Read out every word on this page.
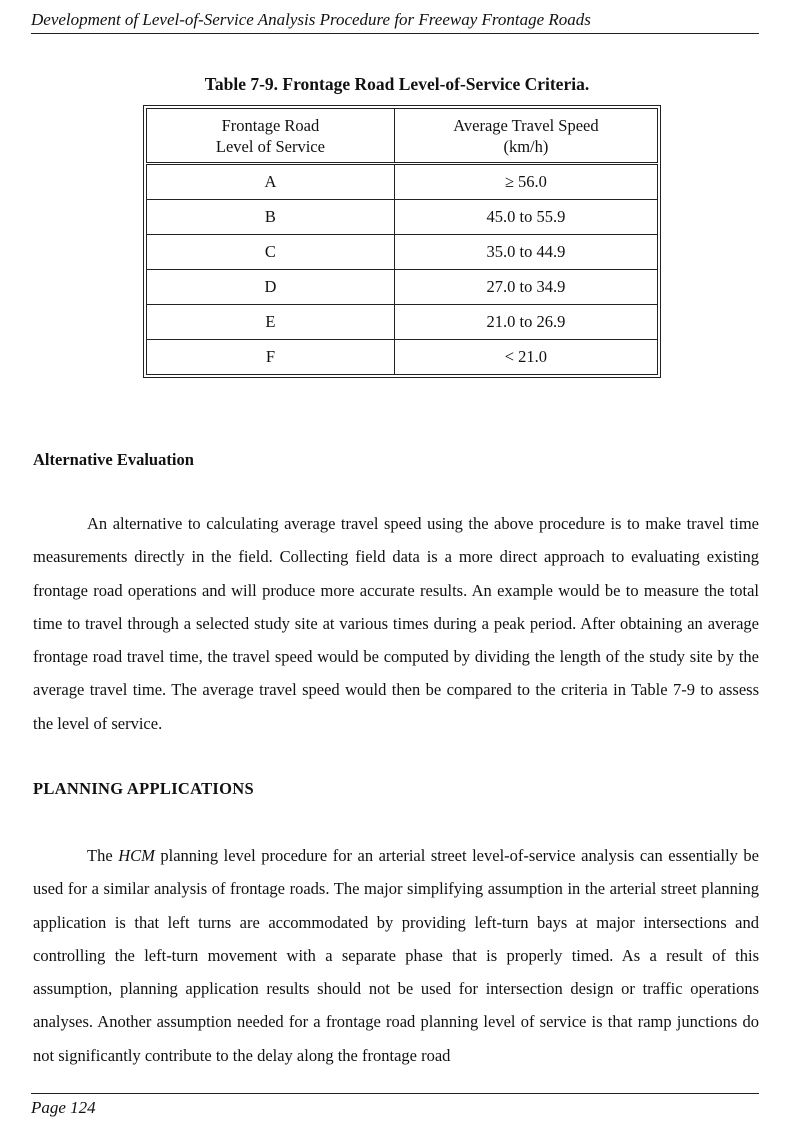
Development of Level-of-Service Analysis Procedure for Freeway Frontage Roads
Table 7-9. Frontage Road Level-of-Service Criteria.
Frontage Road
Level of Service	Average Travel Speed
(km/h)

A	≥ 56.0
B	45.0 to 55.9
C	35.0 to 44.9
D	27.0 to 34.9
E	21.0 to 26.9
F	< 21.0
Alternative Evaluation

An alternative to calculating average travel speed using the above procedure is to make travel time measurements directly in the field. Collecting field data is a more direct approach to evaluating existing frontage road operations and will produce more accurate results. An example would be to measure the total time to travel through a selected study site at various times during a peak period. After obtaining an average frontage road travel time, the travel speed would be computed by dividing the length of the study site by the average travel time. The average travel speed would then be compared to the criteria in Table 7-9 to assess the level of service.

PLANNING APPLICATIONS

The HCM planning level procedure for an arterial street level-of-service analysis can essentially be used for a similar analysis of frontage roads. The major simplifying assumption in the arterial street planning application is that left turns are accommodated by providing left-turn bays at major intersections and controlling the left-turn movement with a separate phase that is properly timed. As a result of this assumption, planning application results should not be used for intersection design or traffic operations analyses. Another assumption needed for a frontage road planning level of service is that ramp junctions do not significantly contribute to the delay along the frontage road

Page 124
